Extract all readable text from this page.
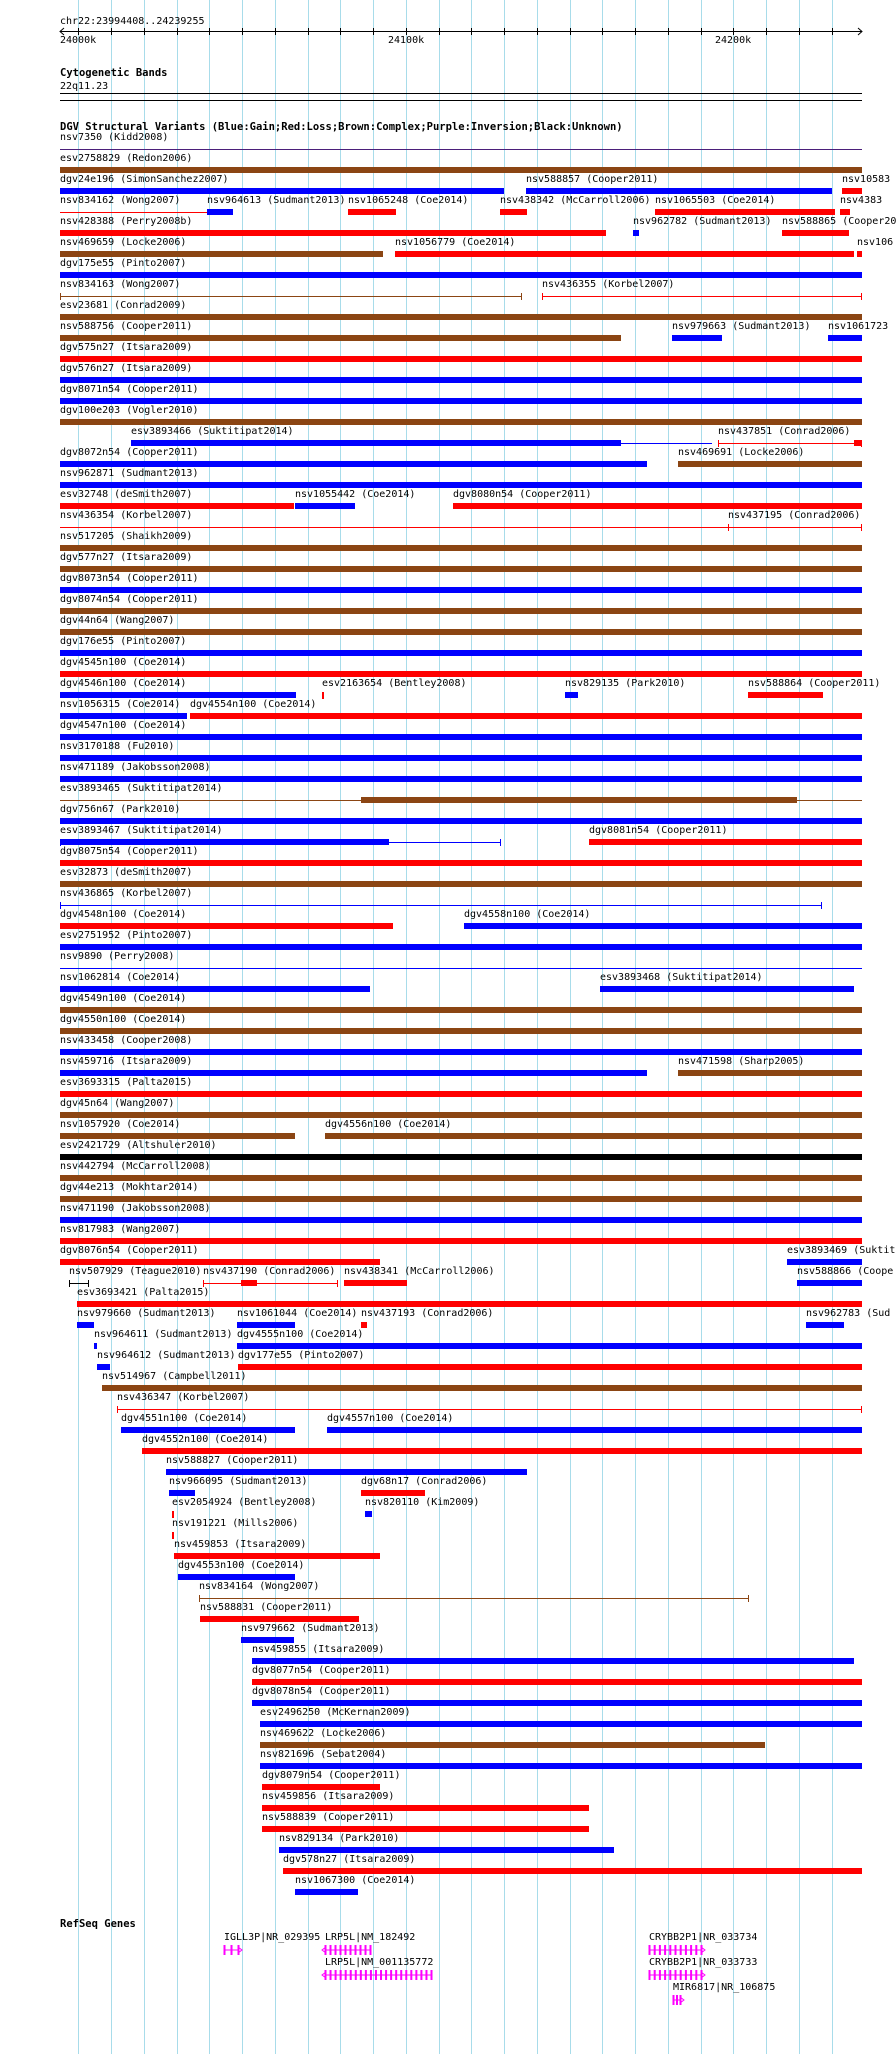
chr22:23994408..24239255
24000k	24100k	24200k
Cytogenetic Bands
22q11.23
DGV Structural Variants (Blue:Gain;Red:Loss;Brown:Complex;Purple:Inversion;Black:Unknown)
nsv7350 (Kidd2008)
esv2758829 (Redon2006)
dgv24e196 (SimonSanchez2007)	nsv588857 (Cooper2011)	nsv10583
nsv834162 (Wong2007)	nsv964613 (Sudmant2013) nsv1065248 (Coe2014)	nsv438342 (McCarroll2006) nsv1065503 (Coe2014)	nsv4383
nsv428388 (Perry2008b)	nsv962782 (Sudmant2013) nsv588865 (Cooper20
nsv469659 (Locke2006)	nsv1056779 (Coe2014)	nsv106
dgv175e55 (Pinto2007)
nsv834163 (Wong2007)	nsv436355 (Korbel2007)
esv23681 (Conrad2009)
nsv588756 (Cooper2011)	nsv979663 (Sudmant2013) nsv1061723
dgv575n27 (Itsara2009)
dgv576n27 (Itsara2009)
dgv8071n54 (Cooper2011)
dgv100e203 (Vogler2010)
esv3893466 (Suktitipat2014)	nsv437851 (Conrad2006)
dgv8072n54 (Cooper2011)	nsv469691 (Locke2006)
nsv962871 (Sudmant2013)
esv32748 (deSmith2007)	nsv1055442 (Coe2014)	dgv8080n54 (Cooper2011)
nsv436354 (Korbel2007)	nsv437195 (Conrad2006)
nsv517205 (Shaikh2009)
dgv577n27 (Itsara2009)
dgv8073n54 (Cooper2011)
dgv8074n54 (Cooper2011)
dgv44n64 (Wang2007)
dgv176e55 (Pinto2007)
dgv4545n100 (Coe2014)
dgv4546n100 (Coe2014)	esv2163654 (Bentley2008)	nsv829135 (Park2010)	nsv588864 (Cooper2011)
nsv1056315 (Coe2014) dgv4554n100 (Coe2014)
dgv4547n100 (Coe2014)
nsv3170188 (Fu2010)
nsv471189 (Jakobsson2008)
esv3893465 (Suktitipat2014)
dgv756n67 (Park2010)
esv3893467 (Suktitipat2014)	dgv8081n54 (Cooper2011)
dgv8075n54 (Cooper2011)
esv32873 (deSmith2007)
nsv436865 (Korbel2007)
dgv4548n100 (Coe2014)	dgv4558n100 (Coe2014)
esv2751952 (Pinto2007)
nsv9890 (Perry2008)
nsv1062814 (Coe2014)	esv3893468 (Suktitipat2014)
dgv4549n100 (Coe2014)
dgv4550n100 (Coe2014)
nsv433458 (Cooper2008)
nsv459716 (Itsara2009)	nsv471598 (Sharp2005)
esv3693315 (Palta2015)
dgv45n64 (Wang2007)
nsv1057920 (Coe2014)	dgv4556n100 (Coe2014)
esv2421729 (Altshuler2010)
nsv442794 (McCarroll2008)
dgv44e213 (Mokhtar2014)
nsv471190 (Jakobsson2008)
nsv817983 (Wang2007)
dgv8076n54 (Cooper2011)	esv3893469 (Suktit
nsv507929 (Teague2010) nsv437190 (Conrad2006) nsv438341 (McCarroll2006)	nsv588866 (Coope
esv3693421 (Palta2015)
nsv979660 (Sudmant2013) nsv1061044 (Coe2014) nsv437193 (Conrad2006)	nsv962783 (Sud
nsv964611 (Sudmant2013) dgv4555n100 (Coe2014)
nsv964612 (Sudmant2013) dgv177e55 (Pinto2007)
nsv514967 (Campbell2011)
nsv436347 (Korbel2007)
dgv4551n100 (Coe2014)	dgv4557n100 (Coe2014)
dgv4552n100 (Coe2014)
nsv588827 (Cooper2011)
nsv966095 (Sudmant2013)	dgv68n17 (Conrad2006)
esv2054924 (Bentley2008)	nsv820110 (Kim2009)
nsv191221 (Mills2006)
nsv459853 (Itsara2009)
dgv4553n100 (Coe2014)
nsv834164 (Wong2007)
nsv588831 (Cooper2011)
nsv979662 (Sudmant2013)
nsv459855 (Itsara2009)
dgv8077n54 (Cooper2011)
dgv8078n54 (Cooper2011)
esv2496250 (McKernan2009)
nsv469622 (Locke2006)
nsv821696 (Sebat2004)
dgv8079n54 (Cooper2011)
nsv459856 (Itsara2009)
nsv588839 (Cooper2011)
nsv829134 (Park2010)
dgv578n27 (Itsara2009)
nsv1067300 (Coe2014)
RefSeq Genes
IGLL3P|NR_029395 LRP5L|NM_182492
LRP5L|NM_001135772
CRYBB2P1|NR_033734
CRYBB2P1|NR_033733
MIR6817|NR_106875
